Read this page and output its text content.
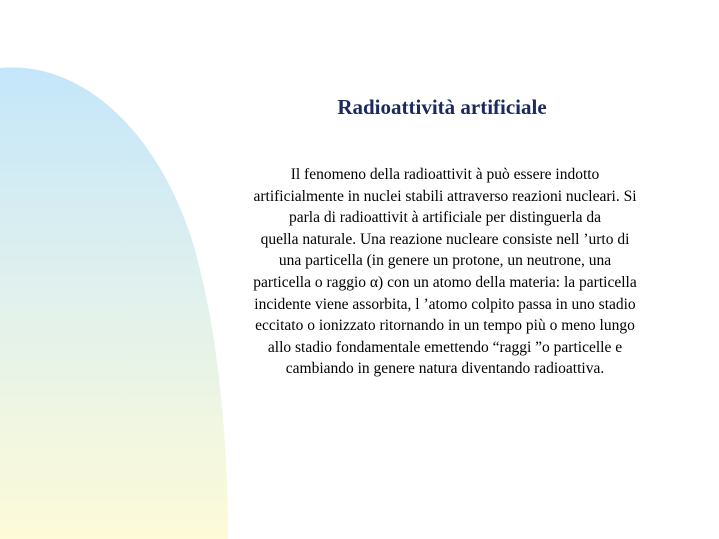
Radioattività artificiale

Il fenomeno della radioattivit à può essere indotto
artificialmente in nuclei stabili attraverso reazioni nucleari. Si
parla di radioattivit à artificiale per distinguerla da
quella naturale. Una reazione nucleare consiste nell ’urto di
una particella (in genere un protone, un neutrone, una
particella o raggio α) con un atomo della materia: la particella
incidente viene assorbita, l ’atomo colpito passa in uno stadio
eccitato o ionizzato ritornando in un tempo più o meno lungo
allo stadio fondamentale emettendo “raggi ”o particelle e
cambiando in genere natura diventando radioattiva.
